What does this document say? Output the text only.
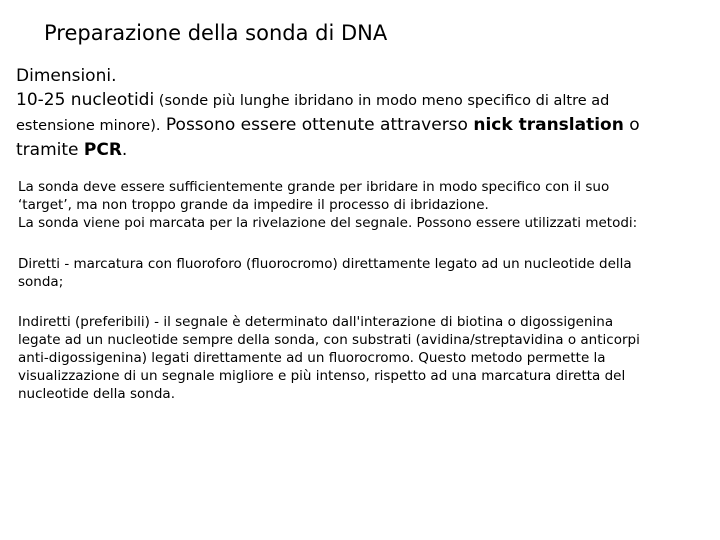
Preparazione della sonda di DNA

Dimensioni.

10-25 nucleotidi (sonde più lunghe ibridano in modo meno specifico di altre ad

estensione minore). Possono essere ottenute attraverso nick translation o

tramite PCR.

La sonda deve essere sufficientemente grande per ibridare in modo specifico con il suo

‘target’, ma non troppo grande da impedire il processo di ibridazione.

La sonda viene poi marcata per la rivelazione del segnale. Possono essere utilizzati metodi:

Diretti - marcatura con fluoroforo (fluorocromo) direttamente legato ad un nucleotide della

sonda;

Indiretti (preferibili) - il segnale è determinato dall'interazione di biotina o digossigenina

legate ad un nucleotide sempre della sonda, con substrati (avidina/streptavidina o anticorpi

anti-digossigenina) legati direttamente ad un fluorocromo. Questo metodo permette la

visualizzazione di un segnale migliore e più intenso, rispetto ad una marcatura diretta del

nucleotide della sonda.
